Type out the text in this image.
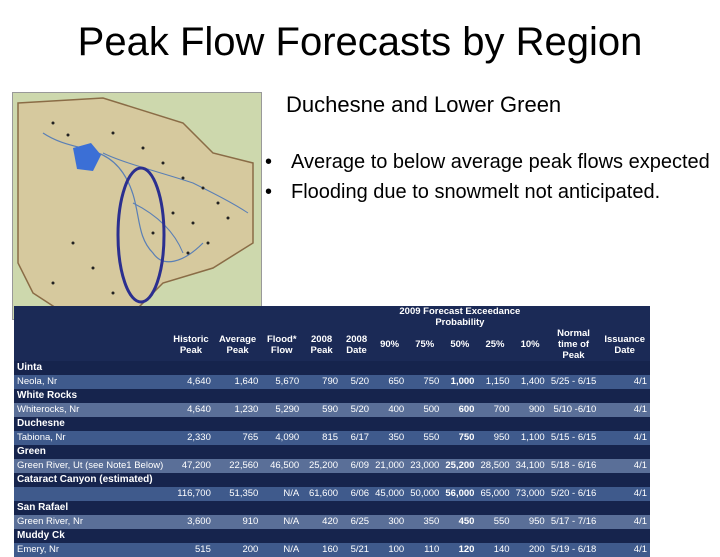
Peak Flow Forecasts by Region
Duchesne and Lower Green
• Average to below average peak flows expected
• Flooding due to snowmelt not anticipated.
						2009 Forecast Exceedance Probability						
	Historic Peak	Average Peak	Flood* Flow	2008 Peak	2008 Date	90%	75%	50%	25%	10%	Normal time of Peak	Issuance Date
Uinta												
Neola, Nr	4,640	1,640	5,670	790	5/20	650	750	1,000	1,150	1,400	5/25 - 6/15	4/1
White Rocks												
Whiterocks, Nr	4,640	1,230	5,290	590	5/20	400	500	600	700	900	5/10 -6/10	4/1
Duchesne												
Tabiona, Nr	2,330	765	4,090	815	6/17	350	550	750	950	1,100	5/15 - 6/15	4/1
Green												
Green River, Ut (see Note1 Below)	47,200	22,560	46,500	25,200	6/09	21,000	23,000	25,200	28,500	34,100	5/18 - 6/16	4/1
Cataract Canyon (estimated)												
	116,700	51,350	N/A	61,600	6/06	45,000	50,000	56,000	65,000	73,000	5/20 - 6/16	4/1
San Rafael												
Green River, Nr	3,600	910	N/A	420	6/25	300	350	450	550	950	5/17 - 7/16	4/1
Muddy Ck												
Emery, Nr	515	200	N/A	160	5/21	100	110	120	140	200	5/19 - 6/18	4/1
